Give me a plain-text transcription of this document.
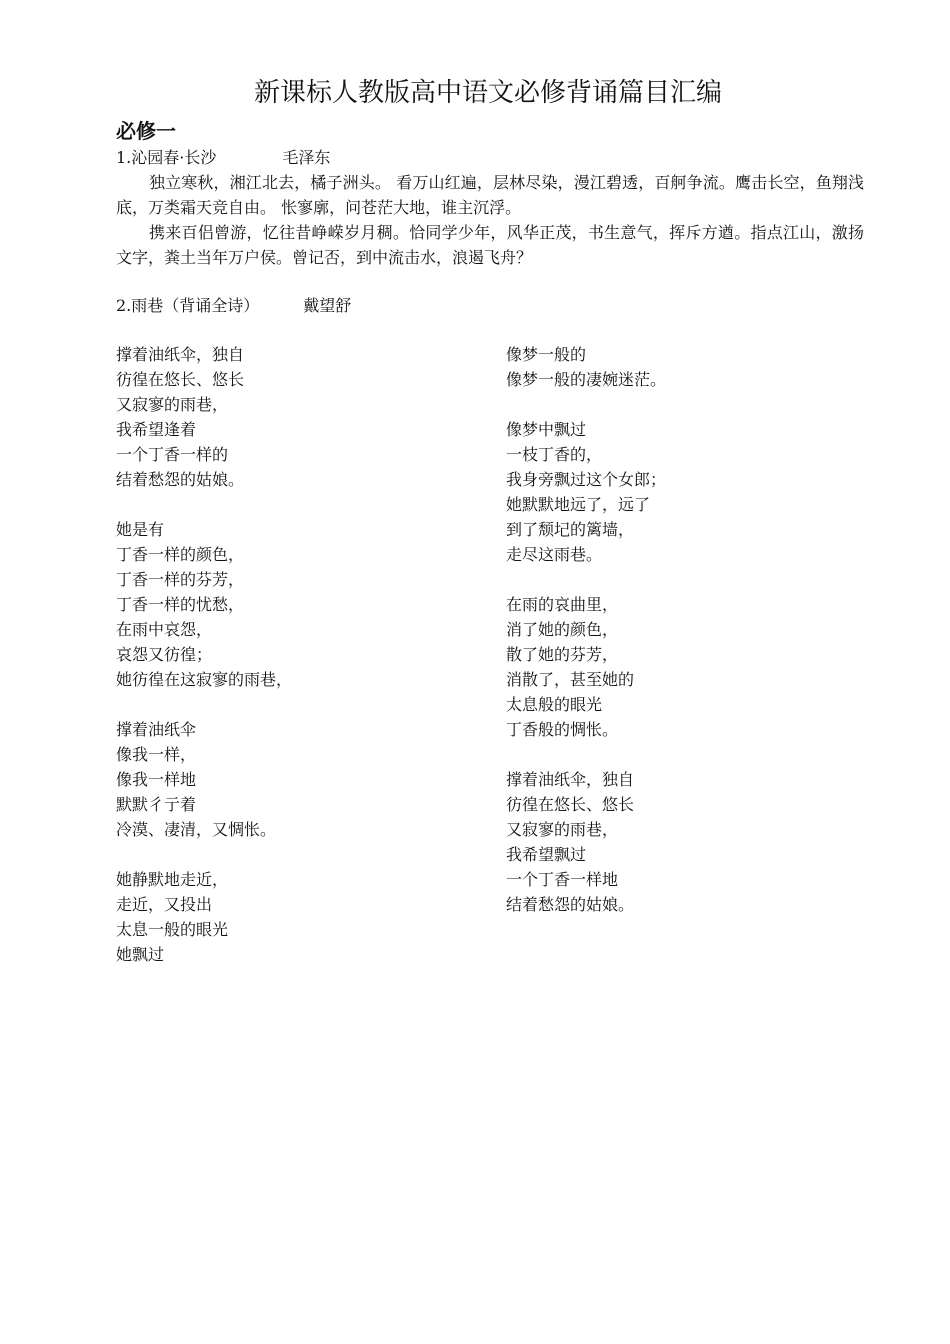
新课标人教版高中语文必修背诵篇目汇编
必修一
1.沁园春·长沙	毛泽东
独立寒秋，湘江北去，橘子洲头。 看万山红遍，层林尽染，漫江碧透，百舸争流。鹰击长空，鱼翔浅底，万类霜天竞自由。 怅寥廓，问苍茫大地，谁主沉浮。
携来百侣曾游，忆往昔峥嵘岁月稠。恰同学少年，风华正茂，书生意气，挥斥方遒。指点江山，激扬文字，粪土当年万户侯。曾记否，到中流击水，浪遏飞舟？
2.雨巷（背诵全诗）	戴望舒
撑着油纸伞，独自
彷徨在悠长、悠长
又寂寥的雨巷，
我希望逢着
一个丁香一样的
结着愁怨的姑娘。
她是有
丁香一样的颜色，
丁香一样的芬芳，
丁香一样的忧愁，
在雨中哀怨，
哀怨又彷徨；
她彷徨在这寂寥的雨巷，
撑着油纸伞
像我一样，
像我一样地
默默彳亍着
冷漠、凄清，又惆怅。
她静默地走近，
走近，又投出
太息一般的眼光
她飘过
像梦一般的
像梦一般的凄婉迷茫。
像梦中飘过
一枝丁香的，
我身旁飘过这个女郎；
她默默地远了，远了
到了颓圮的篱墙，
走尽这雨巷。
在雨的哀曲里，
消了她的颜色，
散了她的芬芳，
消散了，甚至她的
太息般的眼光
丁香般的惆怅。
撑着油纸伞，独自
彷徨在悠长、悠长
又寂寥的雨巷，
我希望飘过
一个丁香一样地
结着愁怨的姑娘。
